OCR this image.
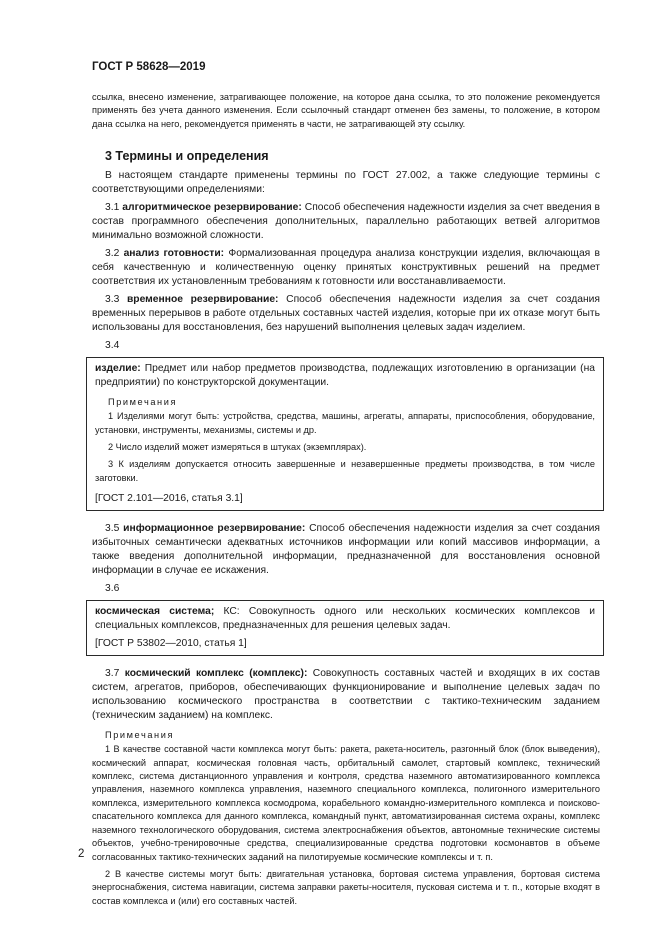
ГОСТ Р 58628—2019

ссылка, внесено изменение, затрагивающее положение, на которое дана ссылка, то это положение рекомендуется применять без учета данного изменения. Если ссылочный стандарт отменен без замены, то положение, в котором дана ссылка на него, рекомендуется применять в части, не затрагивающей эту ссылку.

3 Термины и определения

В настоящем стандарте применены термины по ГОСТ 27.002, а также следующие термины с соответствующими определениями:

3.1 алгоритмическое резервирование: Способ обеспечения надежности изделия за счет введения в состав программного обеспечения дополнительных, параллельно работающих ветвей алгоритмов минимально возможной сложности.

3.2 анализ готовности: Формализованная процедура анализа конструкции изделия, включающая в себя качественную и количественную оценку принятых конструктивных решений на предмет соответствия их установленным требованиям к готовности или восстанавливаемости.

3.3 временное резервирование: Способ обеспечения надежности изделия за счет создания временных перерывов в работе отдельных составных частей изделия, которые при их отказе могут быть использованы для восстановления, без нарушений выполнения целевых задач изделием.

3.4

изделие: Предмет или набор предметов производства, подлежащих изготовлению в организации (на предприятии) по конструкторской документации.

Примечания

1 Изделиями могут быть: устройства, средства, машины, агрегаты, аппараты, приспособления, оборудование, установки, инструменты, механизмы, системы и др.

2 Число изделий может измеряться в штуках (экземплярах).

3 К изделиям допускается относить завершенные и незавершенные предметы производства, в том числе заготовки.

[ГОСТ 2.101—2016, статья 3.1]

3.5 информационное резервирование: Способ обеспечения надежности изделия за счет создания избыточных семантически адекватных источников информации или копий массивов информации, а также введения дополнительной информации, предназначенной для восстановления основной информации в случае ее искажения.

3.6

космическая система; КС: Совокупность одного или нескольких космических комплексов и специальных комплексов, предназначенных для решения целевых задач.

[ГОСТ Р 53802—2010, статья 1]

3.7 космический комплекс (комплекс): Совокупность составных частей и входящих в их состав систем, агрегатов, приборов, обеспечивающих функционирование и выполнение целевых задач по использованию космического пространства в соответствии с тактико-техническим заданием (техническим заданием) на комплекс.

Примечания

1 В качестве составной части комплекса могут быть: ракета, ракета-носитель, разгонный блок (блок выведения), космический аппарат, космическая головная часть, орбитальный самолет, стартовый комплекс, технический комплекс, система дистанционного управления и контроля, средства наземного автоматизированного комплекса управления, наземного комплекса управления, наземного специального комплекса, полигонного измерительного комплекса, измерительного комплекса космодрома, корабельного командно-измерительного комплекса и поисково-спасательного комплекса для данного комплекса, командный пункт, автоматизированная система охраны, комплекс наземного технологического оборудования, система электроснабжения объектов, автономные технические системы объектов, учебно-тренировочные средства, специализированные средства подготовки космонавтов в объеме согласованных тактико-технических заданий на пилотируемые космические комплексы и т. п.

2 В качестве системы могут быть: двигательная установка, бортовая система управления, бортовая система энергоснабжения, система навигации, система заправки ракеты-носителя, пусковая система и т. п., которые входят в состав комплекса и (или) его составных частей.

2
